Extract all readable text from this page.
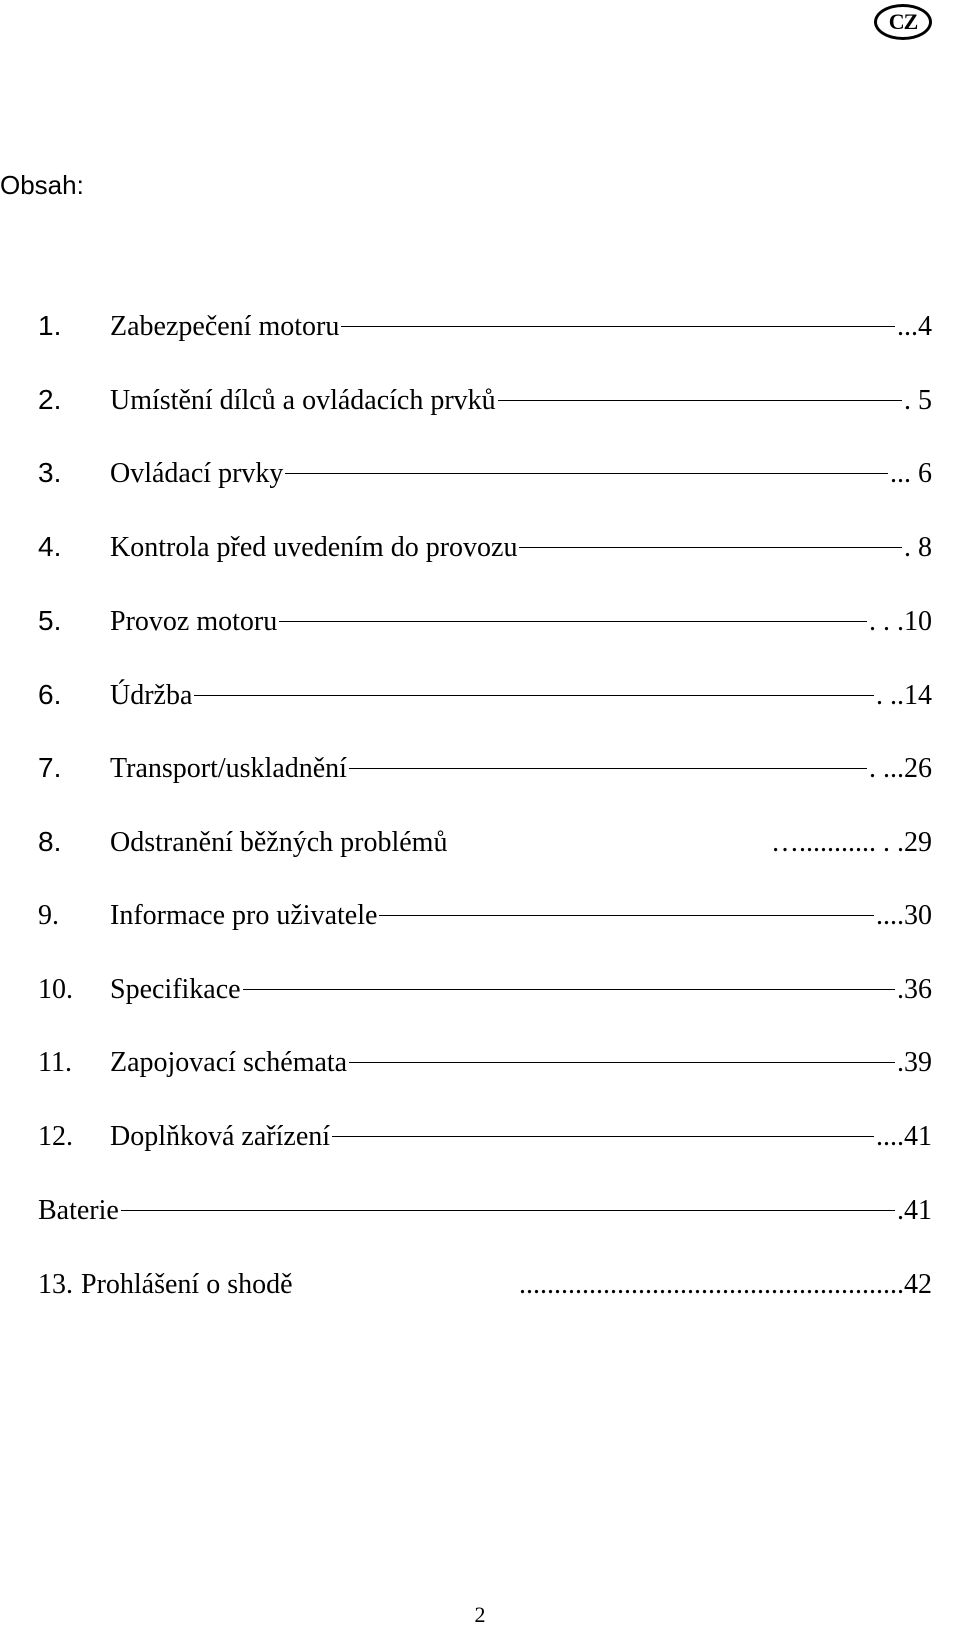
CZ
Obsah:
1.	Zabezpečení motoru	...4
2.	Umístění dílců a ovládacích prvků	. 5
3.	Ovládací prvky	... 6
4.	Kontrola před uvedením do provozu	. 8
5.	Provoz motoru	. . .10
6.	Údržba	. ..14
7.	Transport/uskladnění	. ...26
8.	Odstranění běžných problémů	…........... . .29
9.	Informace pro uživatele	....30
10.	Specifikace	.36
11.	Zapojovací schémata	.39
12.	Doplňková zařízení	....41
Baterie	.41
13. Prohlášení o shodě	.......................................................42
2
